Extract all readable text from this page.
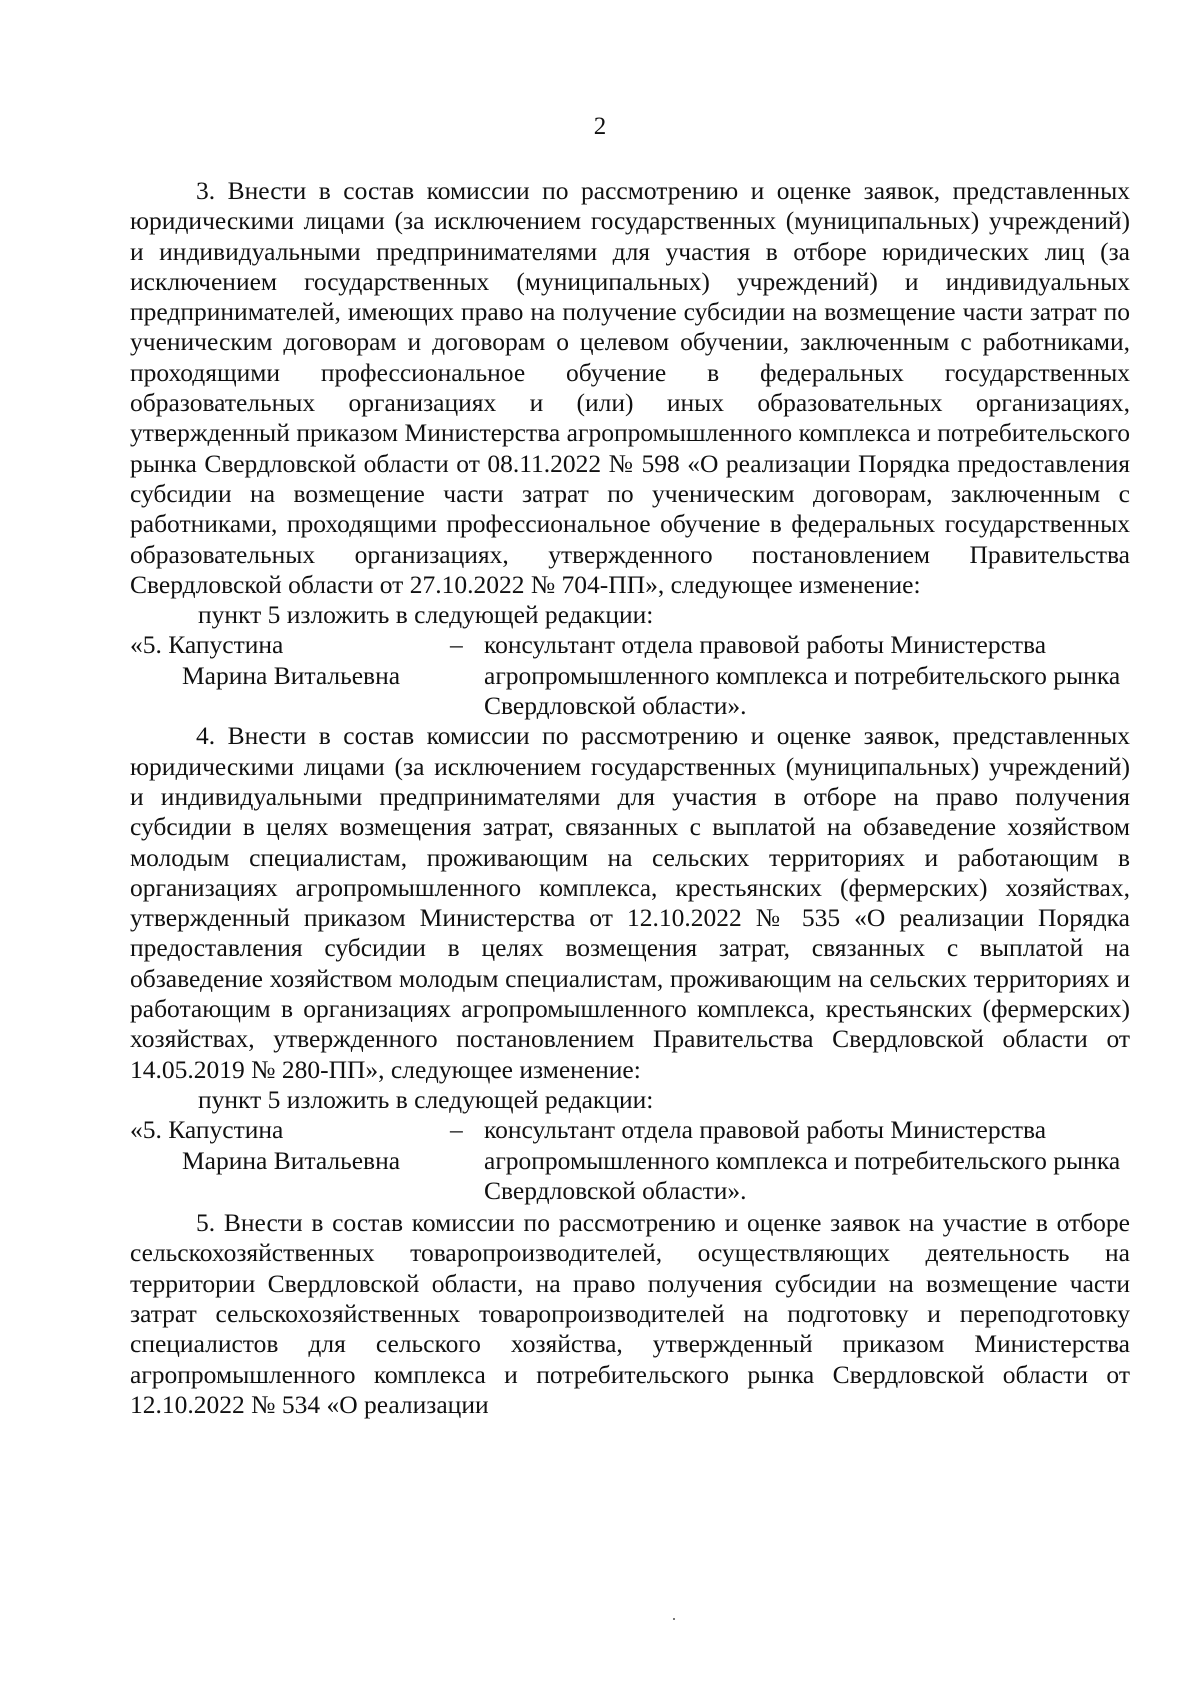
2

3. Внести в состав комиссии по рассмотрению и оценке заявок, представленных юридическими лицами (за исключением государственных (муниципальных) учреждений) и индивидуальными предпринимателями для участия в отборе юридических лиц (за исключением государственных (муниципальных) учреждений) и индивидуальных предпринимателей, имеющих право на получение субсидии на возмещение части затрат по ученическим договорам и договорам о целевом обучении, заключенным с работниками, проходящими профессиональное обучение в федеральных государственных образовательных организациях и (или) иных образовательных организациях, утвержденный приказом Министерства агропромышленного комплекса и потребительского рынка Свердловской области от 08.11.2022 № 598 «О реализации Порядка предоставления субсидии на возмещение части затрат по ученическим договорам, заключенным с работниками, проходящими профессиональное обучение в федеральных государственных образовательных организациях, утвержденного постановлением Правительства Свердловской области от 27.10.2022 № 704-ПП», следующее изменение:

пункт 5 изложить в следующей редакции:

«5. Капустина
Марина Витальевна
– консультант отдела правовой работы Министерства агропромышленного комплекса и потребительского рынка Свердловской области».

4. Внести в состав комиссии по рассмотрению и оценке заявок, представленных юридическими лицами (за исключением государственных (муниципальных) учреждений) и индивидуальными предпринимателями для участия в отборе на право получения субсидии в целях возмещения затрат, связанных с выплатой на обзаведение хозяйством молодым специалистам, проживающим на сельских территориях и работающим в организациях агропромышленного комплекса, крестьянских (фермерских) хозяйствах, утвержденный приказом Министерства от 12.10.2022 № 535 «О реализации Порядка предоставления субсидии в целях возмещения затрат, связанных с выплатой на обзаведение хозяйством молодым специалистам, проживающим на сельских территориях и работающим в организациях агропромышленного комплекса, крестьянских (фермерских) хозяйствах, утвержденного постановлением Правительства Свердловской области от 14.05.2019 № 280-ПП», следующее изменение:

пункт 5 изложить в следующей редакции:

«5. Капустина
Марина Витальевна
– консультант отдела правовой работы Министерства агропромышленного комплекса и потребительского рынка Свердловской области».

5. Внести в состав комиссии по рассмотрению и оценке заявок на участие в отборе сельскохозяйственных товаропроизводителей, осуществляющих деятельность на территории Свердловской области, на право получения субсидии на возмещение части затрат сельскохозяйственных товаропроизводителей на подготовку и переподготовку специалистов для сельского хозяйства, утвержденный приказом Министерства агропромышленного комплекса и потребительского рынка Свердловской области от 12.10.2022 № 534 «О реализации
